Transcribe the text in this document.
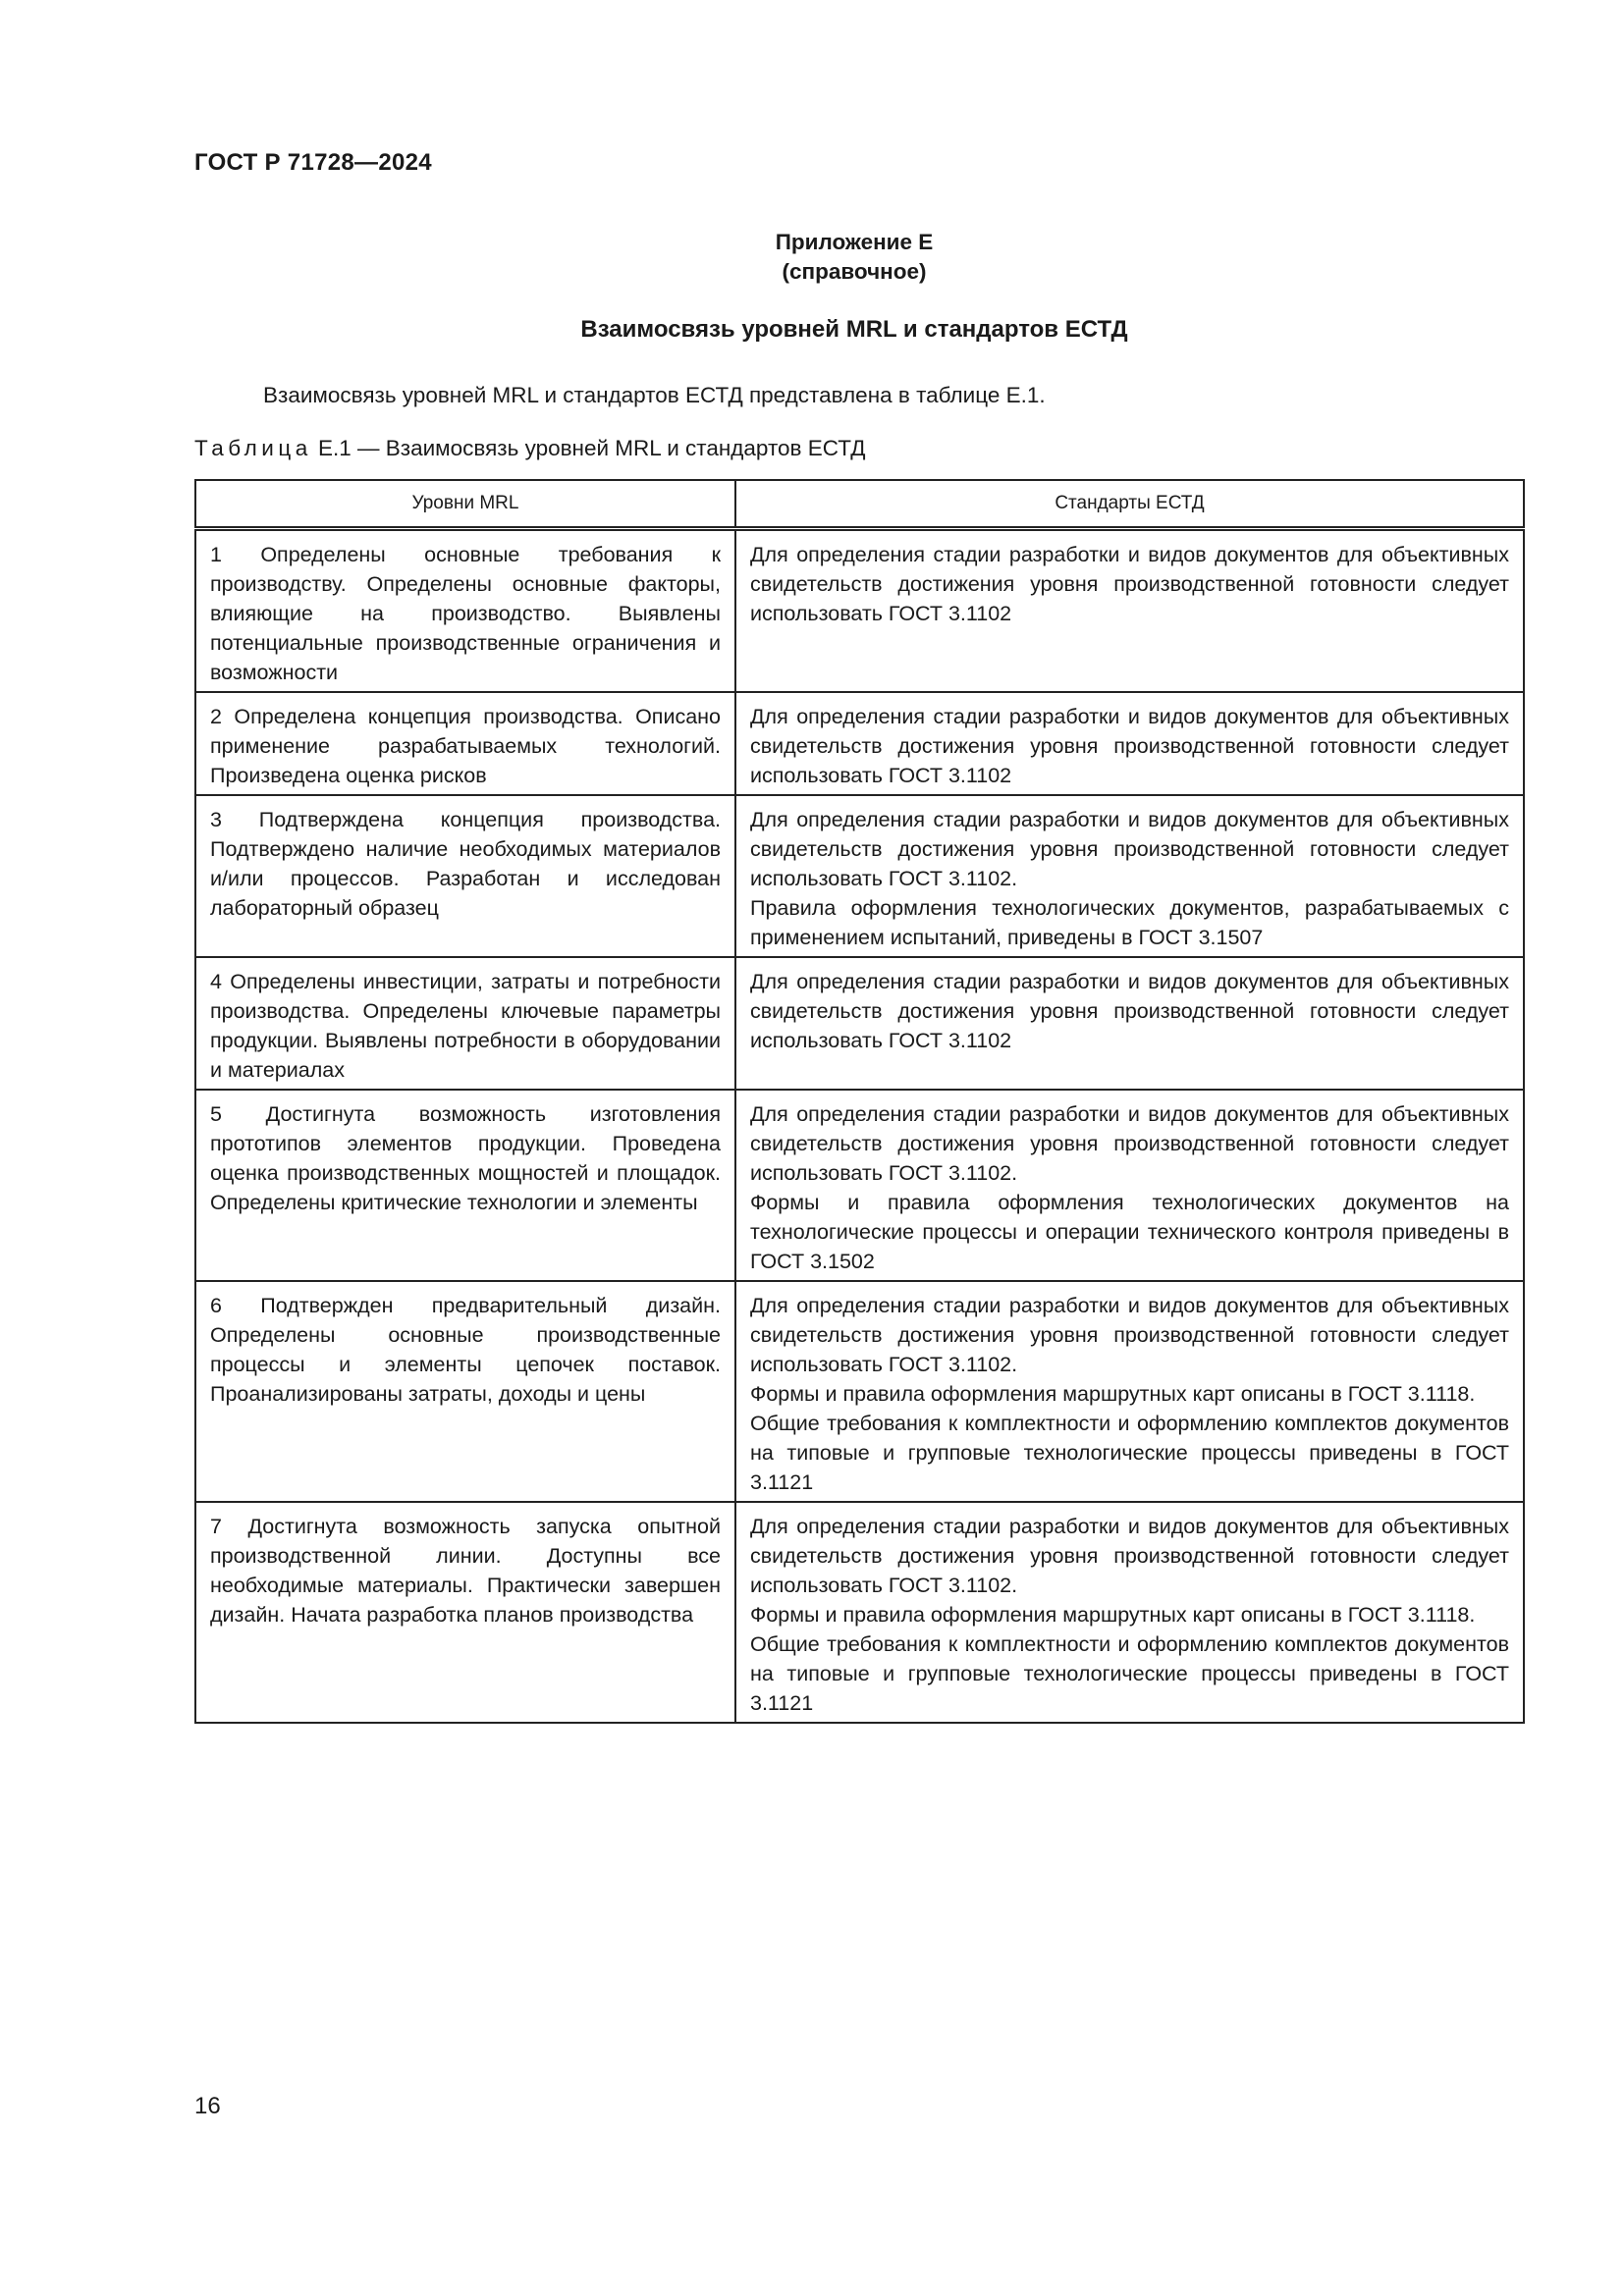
ГОСТ Р 71728—2024
Приложение Е
(справочное)
Взаимосвязь уровней MRL и стандартов ЕСТД
Взаимосвязь уровней MRL и стандартов ЕСТД представлена в таблице Е.1.
Таблица Е.1 — Взаимосвязь уровней MRL и стандартов ЕСТД
Уровни MRL	Стандарты ЕСТД
1 Определены основные требования к производству. Определены основные факторы, влияющие на производство. Выявлены потенциальные производственные ограничения и возможности	Для определения стадии разработки и видов документов для объективных свидетельств достижения уровня производственной готовности следует использовать ГОСТ 3.1102

2 Определена концепция производства. Описано применение разрабатываемых технологий. Произведена оценка рисков	Для определения стадии разработки и видов документов для объективных свидетельств достижения уровня производственной готовности следует использовать ГОСТ 3.1102

3 Подтверждена концепция производства. Подтверждено наличие необходимых материалов и/или процессов. Разработан и исследован лабораторный образец	Для определения стадии разработки и видов документов для объективных свидетельств достижения уровня производственной готовности следует использовать ГОСТ 3.1102.
Правила оформления технологических документов, разрабатываемых с применением испытаний, приведены в ГОСТ 3.1507

4 Определены инвестиции, затраты и потребности производства. Определены ключевые параметры продукции. Выявлены потребности в оборудовании и материалах	Для определения стадии разработки и видов документов для объективных свидетельств достижения уровня производственной готовности следует использовать ГОСТ 3.1102

5 Достигнута возможность изготовления прототипов элементов продукции. Проведена оценка производственных мощностей и площадок. Определены критические технологии и элементы	Для определения стадии разработки и видов документов для объективных свидетельств достижения уровня производственной готовности следует использовать ГОСТ 3.1102.
Формы и правила оформления технологических документов на технологические процессы и операции технического контроля приведены в ГОСТ 3.1502

6 Подтвержден предварительный дизайн. Определены основные производственные процессы и элементы цепочек поставок. Проанализированы затраты, доходы и цены	Для определения стадии разработки и видов документов для объективных свидетельств достижения уровня производственной готовности следует использовать ГОСТ 3.1102.
Формы и правила оформления маршрутных карт описаны в ГОСТ 3.1118.
Общие требования к комплектности и оформлению комплектов документов на типовые и групповые технологические процессы приведены в ГОСТ 3.1121

7 Достигнута возможность запуска опытной производственной линии. Доступны все необходимые материалы. Практически завершен дизайн. Начата разработка планов производства	Для определения стадии разработки и видов документов для объективных свидетельств достижения уровня производственной готовности следует использовать ГОСТ 3.1102.
Формы и правила оформления маршрутных карт описаны в ГОСТ 3.1118.
Общие требования к комплектности и оформлению комплектов документов на типовые и групповые технологические процессы приведены в ГОСТ 3.1121
16
